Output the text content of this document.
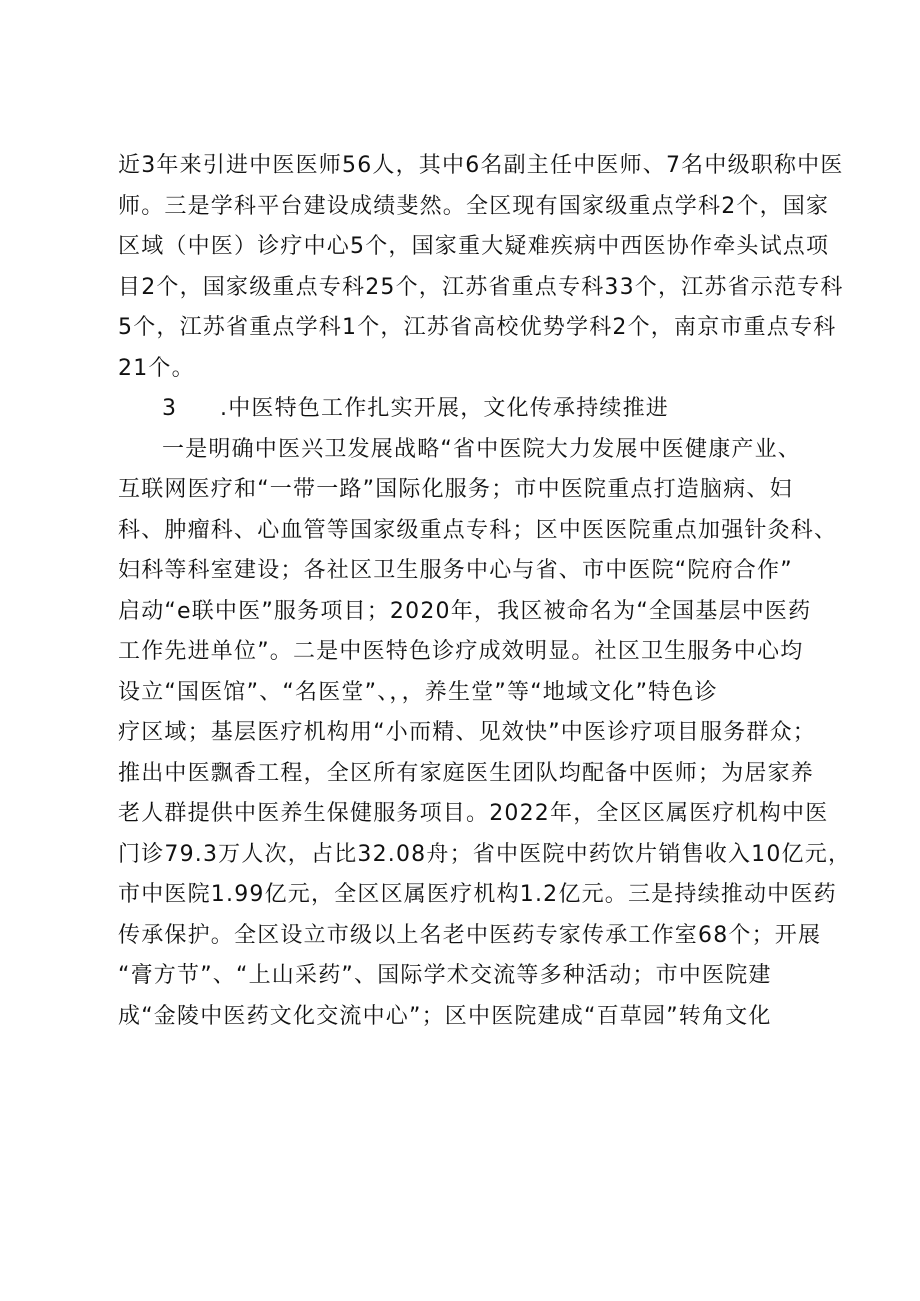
近3年来引进中医医师56人，其中6名副主任中医师、7名中级职称中医
师。三是学科平台建设成绩斐然。全区现有国家级重点学科2个，国家
区域（中医）诊疗中心5个，国家重大疑难疾病中西医协作牵头试点项
目2个，国家级重点专科25个，江苏省重点专科33个，江苏省示范专科
5个，江苏省重点学科1个，江苏省高校优势学科2个，南京市重点专科
21个。
3 .中医特色工作扎实开展，文化传承持续推进
一是明确中医兴卫发展战略“省中医院大力发展中医健康产业、
互联网医疗和“一带一路”国际化服务；市中医院重点打造脑病、妇
科、肿瘤科、心血管等国家级重点专科；区中医医院重点加强针灸科、
妇科等科室建设；各社区卫生服务中心与省、市中医院“院府合作”
启动“e联中医”服务项目；2020年，我区被命名为“全国基层中医药
工作先进单位”。二是中医特色诊疗成效明显。社区卫生服务中心均
设立“国医馆”、“名医堂”、，，养生堂”等“地域文化”特色诊
疗区域；基层医疗机构用“小而精、见效快”中医诊疗项目服务群众；
推出中医飘香工程，全区所有家庭医生团队均配备中医师；为居家养
老人群提供中医养生保健服务项目。2022年，全区区属医疗机构中医
门诊79.3万人次，占比32.08舟；省中医院中药饮片销售收入10亿元，
市中医院1.99亿元，全区区属医疗机构1.2亿元。三是持续推动中医药
传承保护。全区设立市级以上名老中医药专家传承工作室68个；开展
“膏方节”、“上山采药”、国际学术交流等多种活动；市中医院建
成“金陵中医药文化交流中心”；区中医院建成“百草园”转角文化
